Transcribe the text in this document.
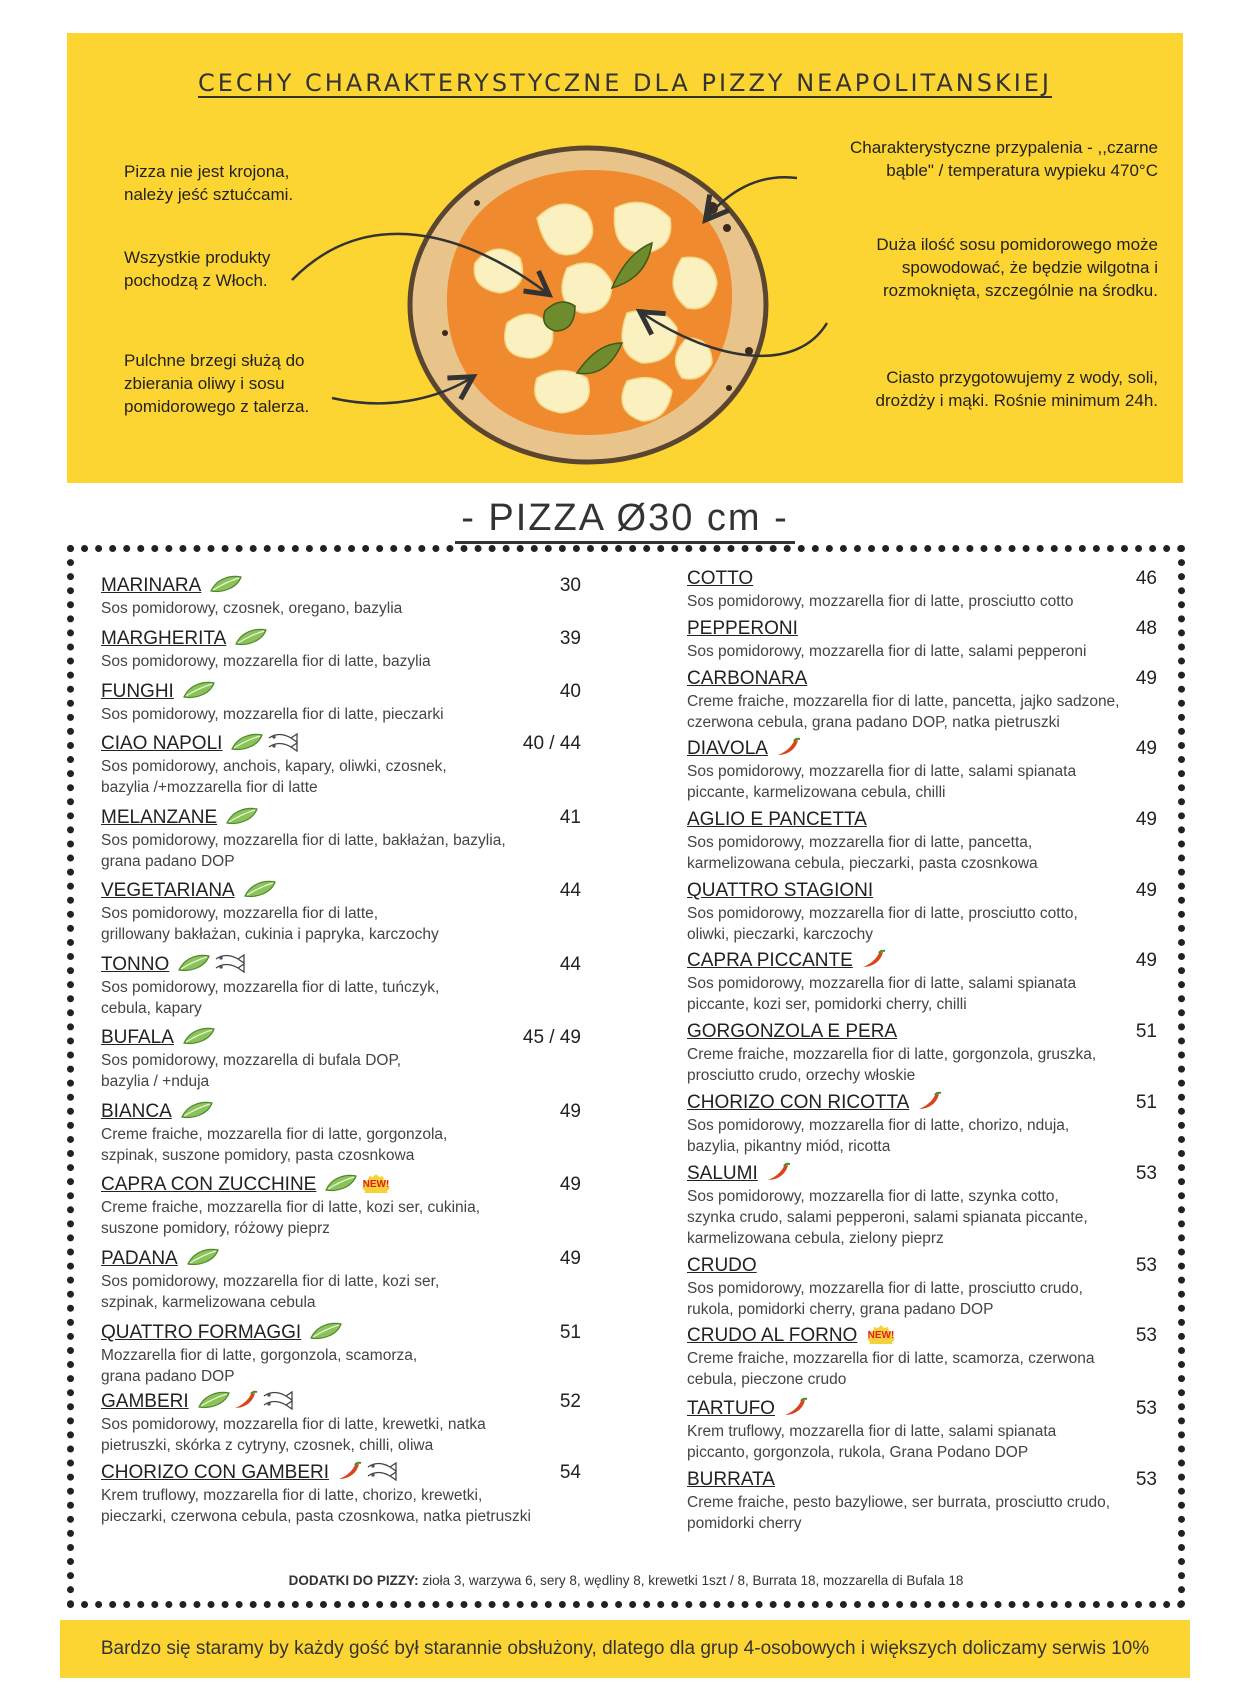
CECHY CHARAKTERYSTYCZNE DLA PIZZY NEAPOLITANSKIEJ
Pizza nie jest krojona,
należy jeść sztućcami.
Wszystkie produkty
pochodzą z Włoch.
Pulchne brzegi służą do
zbierania oliwy i sosu
pomidorowego z talerza.
Charakterystyczne przypalenia - ,,czarne
bąble" / temperatura wypieku 470°C
Duża ilość sosu pomidorowego może
spowodować, że będzie wilgotna i
rozmoknięta, szczególnie na środku.
Ciasto przygotowujemy z wody, soli,
drożdży i mąki. Rośnie minimum 24h.
- PIZZA Ø30 cm -
MARINARA	30
Sos pomidorowy, czosnek, oregano, bazylia
MARGHERITA	39
Sos pomidorowy, mozzarella fior di latte, bazylia
FUNGHI	40
Sos pomidorowy, mozzarella fior di latte, pieczarki
CIAO NAPOLI	40 / 44
Sos pomidorowy, anchois, kapary, oliwki, czosnek,
bazylia /+mozzarella fior di latte
MELANZANE	41
Sos pomidorowy, mozzarella fior di latte, bakłażan, bazylia,
grana padano DOP
VEGETARIANA	44
Sos pomidorowy, mozzarella fior di latte,
grillowany bakłażan, cukinia i papryka, karczochy
TONNO	44
Sos pomidorowy, mozzarella fior di latte, tuńczyk,
cebula, kapary
BUFALA	45 / 49
Sos pomidorowy, mozzarella di bufala DOP,
bazylia / +nduja
BIANCA	49
Creme fraiche, mozzarella fior di latte, gorgonzola,
szpinak, suszone pomidory, pasta czosnkowa
CAPRA CON ZUCCHINE	49
Creme fraiche, mozzarella fior di latte, kozi ser, cukinia,
suszone pomidory, różowy pieprz
NEW!
PADANA	49
Sos pomidorowy, mozzarella fior di latte, kozi ser,
szpinak, karmelizowana cebula
QUATTRO FORMAGGI	51
Mozzarella fior di latte, gorgonzola, scamorza,
grana padano DOP
GAMBERI	52
Sos pomidorowy, mozzarella fior di latte, krewetki, natka
pietruszki, skórka z cytryny, czosnek, chilli, oliwa
CHORIZO CON GAMBERI	54
Krem truflowy, mozzarella fior di latte, chorizo, krewetki,
pieczarki, czerwona cebula, pasta czosnkowa, natka pietruszki
COTTO	46
Sos pomidorowy, mozzarella fior di latte, prosciutto cotto
PEPPERONI	48
Sos pomidorowy, mozzarella fior di latte, salami pepperoni
CARBONARA	49
Creme fraiche, mozzarella fior di latte, pancetta, jajko sadzone,
czerwona cebula, grana padano DOP, natka pietruszki
DIAVOLA	49
Sos pomidorowy, mozzarella fior di latte, salami spianata
piccante, karmelizowana cebula, chilli
AGLIO E PANCETTA	49
Sos pomidorowy, mozzarella fior di latte, pancetta,
karmelizowana cebula, pieczarki, pasta czosnkowa
QUATTRO STAGIONI	49
Sos pomidorowy, mozzarella fior di latte, prosciutto cotto,
oliwki, pieczarki, karczochy
CAPRA PICCANTE	49
Sos pomidorowy, mozzarella fior di latte, salami spianata
piccante, kozi ser, pomidorki cherry, chilli
GORGONZOLA E PERA	51
Creme fraiche, mozzarella fior di latte, gorgonzola, gruszka,
prosciutto crudo, orzechy włoskie
CHORIZO CON RICOTTA	51
Sos pomidorowy, mozzarella fior di latte, chorizo, nduja,
bazylia, pikantny miód, ricotta
SALUMI	53
Sos pomidorowy, mozzarella fior di latte, szynka cotto,
szynka crudo, salami pepperoni, salami spianata piccante,
karmelizowana cebula, zielony pieprz
CRUDO	53
Sos pomidorowy, mozzarella fior di latte, prosciutto crudo,
rukola, pomidorki cherry, grana padano DOP
CRUDO AL FORNO	53
Creme fraiche, mozzarella fior di latte, scamorza, czerwona
cebula, pieczone crudo
NEW!
TARTUFO	53
Krem truflowy, mozzarella fior di latte, salami spianata
piccanto, gorgonzola, rukola, Grana Podano DOP
BURRATA	53
Creme fraiche, pesto bazyliowe, ser burrata, prosciutto crudo,
pomidorki cherry
DODATKI DO PIZZY: zioła 3, warzywa 6, sery 8, wędliny 8, krewetki 1szt / 8, Burrata 18, mozzarella di Bufala 18
Bardzo się staramy by każdy gość był starannie obsłużony, dlatego dla grup 4-osobowych i większych doliczamy serwis 10%
